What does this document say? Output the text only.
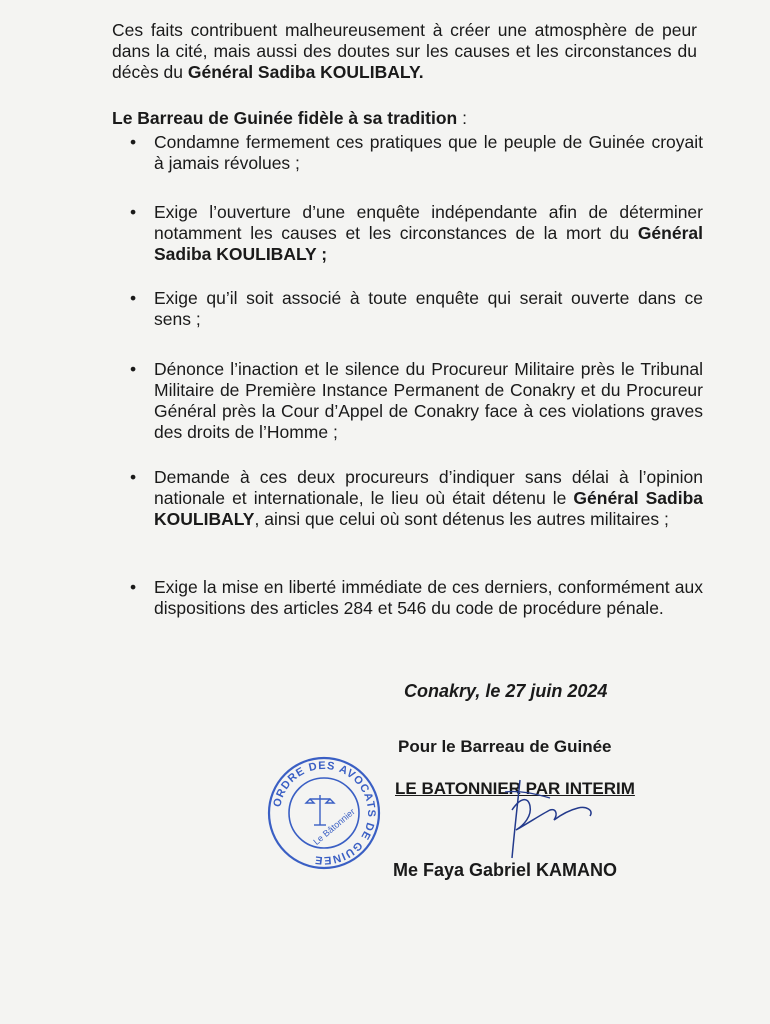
Ces faits contribuent malheureusement à créer une atmosphère de peur dans la cité, mais aussi des doutes sur les causes et les circonstances du décès du Général Sadiba KOULIBALY.
Le Barreau de Guinée fidèle à sa tradition :
• Condamne fermement ces pratiques que le peuple de Guinée croyait à jamais révolues ;
• Exige l’ouverture d’une enquête indépendante afin de déterminer notamment les causes et les circonstances de la mort du Général Sadiba KOULIBALY ;
• Exige qu’il soit associé à toute enquête qui serait ouverte dans ce sens ;
• Dénonce l’inaction et le silence du Procureur Militaire près le Tribunal Militaire de Première Instance Permanent de Conakry et du Procureur Général près la Cour d’Appel de Conakry face à ces violations graves des droits de l’Homme ;
• Demande à ces deux procureurs d’indiquer sans délai à l’opinion nationale et internationale, le lieu où était détenu le Général Sadiba KOULIBALY, ainsi que celui où sont détenus les autres militaires ;
• Exige la mise en liberté immédiate de ces derniers, conformément aux dispositions des articles 284 et 546 du code de procédure pénale.
Conakry, le 27 juin 2024
Pour le Barreau de Guinée
LE BATONNIER PAR INTERIM
ORDRE DES AVOCATS DE GUINEE
Le Bâtonnier
Me Faya Gabriel KAMANO
